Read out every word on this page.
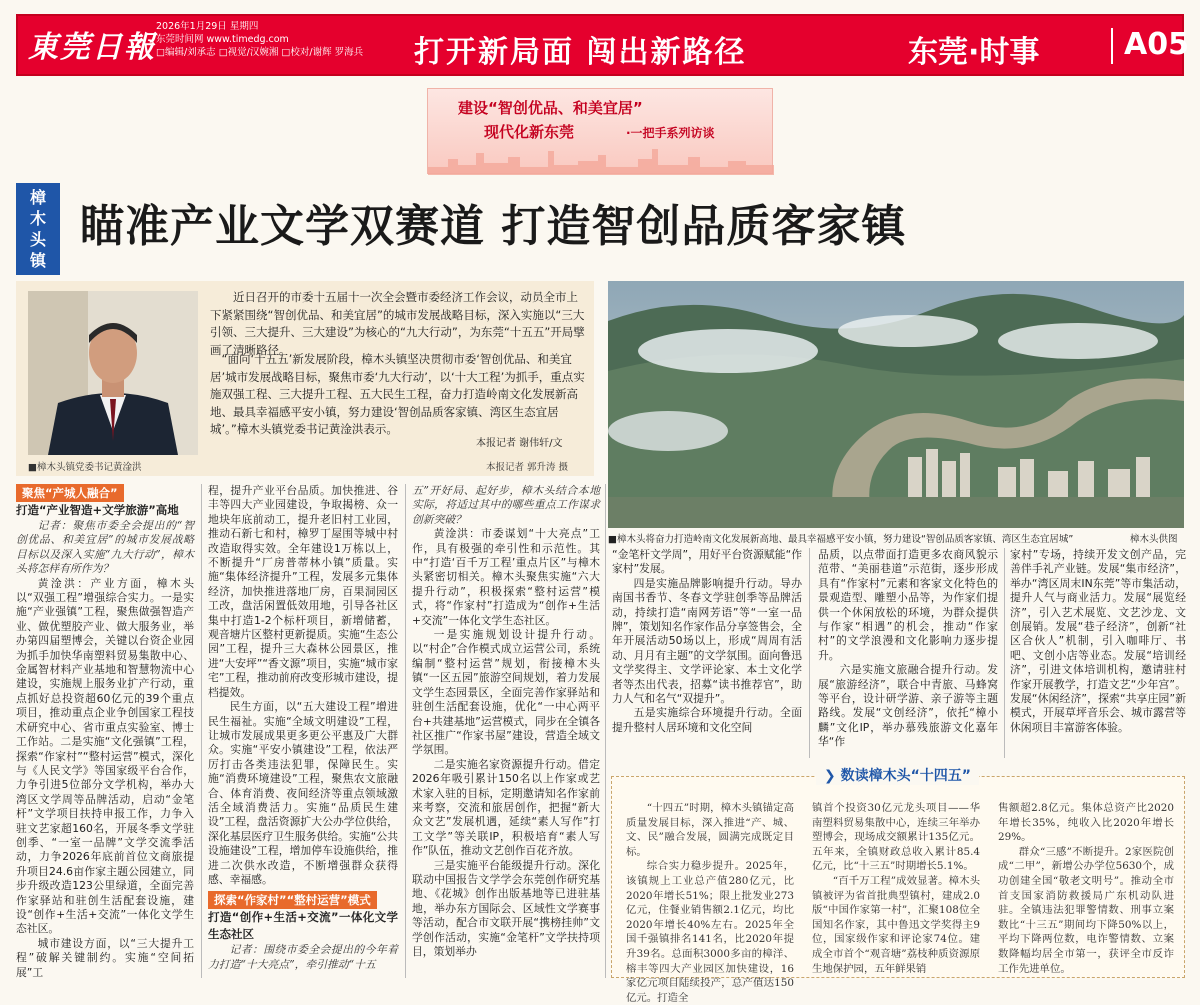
東莞日報
2026年1月29日 星期四
东莞时间网 www.timedg.com
□编辑/刘承志 □视觉/汉婉湘 □校对/谢辉 罗海兵 打开新局面 闯出新路径	东莞·时事	A05
建设“智创优品、和美宜居”
现代化新东莞	·一把手系列访谈
樟
木
头
镇
瞄准产业文学双赛道 打造智创品质客家镇

近日召开的市委十五届十一次全会暨市委经济工作会议，动员全市上下紧紧围绕“智创优品、和美宜居”的城市发展战略目标，深入实施以“三大引领、三大提升、三大建设”为核心的“九大行动”，为东莞“十五五”开局擘画了清晰路径。

“面向‘十五五’新发展阶段，樟木头镇坚决贯彻市委‘智创优品、和美宜居’城市发展战略目标，聚焦市委‘九大行动’，以‘十大工程’为抓手，重点实施双强工程、三大提升工程、五大民生工程，奋力打造岭南文化发展新高地、最具幸福感平安小镇，努力建设‘智创品质客家镇、湾区生态宜居城’。”樟木头镇党委书记黄淦洪表示。

本报记者 谢伟轩/文
■樟木头镇党委书记黄淦洪	本报记者 郭升涛 摄
■樟木头将奋力打造岭南文化发展新高地、最具幸福感平安小镇，努力建设“智创品质客家镇、湾区生态宜居城”	樟木头供图
聚焦“产城人融合”
打造“产业智造+文学旅游”高地

记者：聚焦市委全会提出的“智创优品、和美宜居”的城市发展战略目标以及深入实施“九大行动”，樟木头将怎样有所作为？

黄淦洪：产业方面，樟木头以“双强工程”增强综合实力。一是实施“产业强镇”工程，聚焦做强智造产业、做优塑胶产业、做大服务业，举办第四届塑博会，关键以台资企业园为抓手加快华南塑料贸易集散中心、金属智材料产业基地和智慧物流中心建设，实施规上服务业扩产行动，重点抓好总投资超60亿元的39个重点项目，推动重点企业争创国家工程技术研究中心、省市重点实验室、博士工作站。二是实施“文化强镇”工程，探索“作家村”“整村运营”模式，深化与《人民文学》等国家级平台合作，力争引进5位部分文学机构，举办大湾区文学周等品牌活动，启动“金笔杆”文学项目扶持申报工作，力争入驻文艺家超160名，开展冬季文学驻创季、“一室一品牌”文学交流季活动，力争2026年底前首位文商旅提升项目24.6亩作家主题公园建立，同步升级改造123公里绿道，全面完善作家驿站和驻创生活配套设施，建设“创作+生活+交流”一体化文学生态社区。

城市建设方面，以“三大提升工程”破解关键制约。实施“空间拓展”工

程，提升产业平台品质。加快推进、谷丰等四大产业园建设，争取揭榜、众一地块年底前动工，提升老旧村工业园，推动石新七和村，樟罗丁屋围等城中村改造取得实效。全年建设1万栋以上，不断提升“厂房普蒂林小镇”质量。实施“集体经济提升”工程，发展多元集体经济，加快推进落地厂房，百果洞园区工改，盘活闲置低效用地，引导各社区集中打造1-2个标杆项目，新增储蓄，观音塘片区整村更新提质。实施“生态公园”工程，提升三大森林公园景区，推进“大安坪”“香文源”项目，实施“城市家宅”工程，推动前府改变形城市建设，提档提效。

民生方面，以“五大建设工程”增进民生福祉。实施“全域文明建设”工程，让城市发展成果更多更公平惠及广大群众。实施“平安小镇建设”工程，依法严厉打击各类违法犯罪，保障民生。实施“消费环境建设”工程，聚焦农文旅融合、体育消费、夜间经济等重点领域激活全域消费活力。实施“品质民生建设”工程，盘活资源扩大公办学位供给，深化基层医疗卫生服务供给。实施“公共设施建设”工程，增加停车设施供给，推进二次供水改造，不断增强群众获得感、幸福感。

探索“作家村”“整村运营”模式
打造“创作+生活+交流”一体化文学生态社区

记者：围绕市委全会提出的今年着力打造“十大亮点”，牵引推动“十五

五”开好局、起好步，樟木头结合本地实际，将适过其中的哪些重点工作谋求创新突破？

黄淦洪：市委谋划“十大亮点”工作，具有极强的牵引性和示范性。其中“打造‘百千万工程’重点片区”与樟木头紧密切相关。樟木头聚焦实施“六大提升行动”，积极探索“整村运营”模式，将“作家村”打造成为“创作+生活+交流”一体化文学生态社区。

一是实施规划设计提升行动。以“村企”合作模式成立运营公司，系统编制“整村运营”规划，衔接樟木头镇“一区五园”旅游空间规划，着力发展文学生态园景区，全面完善作家驿站和驻创生活配套设施，优化“一中心两平台+共建基地”运营模式，同步在全镇各社区推广“作家书屋”建设，营造全域文学氛围。

二是实施名家资源提升行动。借定2026年吸引累计150名以上作家或艺术家入驻的目标，定期邀请知名作家前来考察，交流和旅居创作，把握“新大众文艺”发展机遇，延续“素人写作”打工文学”等关联IP，积极培育“素人写作”队伍，推动文艺创作百花齐放。

三是实施平台能级提升行动。深化联动中国报告文学学会东莞创作研究基地、《花城》创作出版基地等已进驻基地，举办东方国际会、区域性文学赛事等活动，配合市文联开展“携榜挂帅”文学创作活动，实施“金笔杆”文学扶持项目，策划举办

“金笔杆文学周”，用好平台资源赋能“作家村”发展。

四是实施品牌影响提升行动。导办南国书香节、冬春文学驻创季等品牌活动，持续打造“南网芳语”等“一室一品牌”，策划知名作家作品分享签售会，全年开展活动50场以上，形成“周周有活动、月月有主题”的文学氛围。面向鲁迅文学奖得主、文学评论家、本土文化学者等杰出代表，招募“读书推荐官”，助力人气和名气“双提升”。

五是实施综合环境提升行动。全面提升整村人居环境和文化空间

品质，以点带面打造更多农商风貌示范带、“美丽巷道”示范街，逐步形成具有“作家村”元素和客家文化特色的景观造型、雕塑小品等，为作家们提供一个休闲放松的环境，为群众提供与作家“相遇”的机会，推动“作家村”的文学浪漫和文化影响力逐步提升。

六是实施文旅融合提升行动。发展“旅游经济”，联合中青旅、马蜂窝等平台，设计研学游、亲子游等主题路线。发展“文创经济”，依托“樟小麟”文化IP，举办慕残旅游文化嘉年华“作

家村”专场，持续开发文创产品，完善伴手礼产业链。发展“集市经济”，举办“湾区周末IN东莞”等市集活动，提升人气与商业活力。发展“展览经济”，引入艺术展览、文艺沙龙、文创展销。发展“巷子经济”，创新“社区合伙人”机制，引入咖啡厅、书吧、文创小店等业态。发展“培训经济”，引进文体培训机构，邀请驻村作家开展教学，打造文艺“少年宫”。发展“休闲经济”，探索“共享庄园”新模式，开展草坪音乐会、城市露营等休闲项目丰富游客体验。

❯ 数读樟木头“十四五”

“十四五”时期，樟木头镇锚定高质量发展目标，深入推进“产、城、文、民”融合发展，圆满完成既定目标。

综合实力稳步提升。2025年，该镇规上工业总产值280亿元，比2020年增长51%；限上批发业273亿元，住餐业销售额2.1亿元，均比2020年增长40%左右。2025年全国千强镇排名141名，比2020年提升39名。总面积3000多亩的樟洋、榕丰等四大产业园区加快建设，16家亿元项目陆续投产，总产值达150亿元。打造全

镇首个投资30亿元龙头项目——华南塑料贸易集散中心，连续三年举办塑博会，现场成交额累计135亿元。五年来，全镇财政总收入累计85.4亿元，比“十三五”时期增长5.1%。

“百千万工程”成效显著。樟木头镇被评为省首批典型镇村，建成2.0版“中国作家第一村”，汇聚108位全国知名作家，其中鲁迅文学奖得主9位，国家级作家和评论家74位。建成全市首个“观音塘”荔枝种质资源原生地保护园，五年鲜果销

售额超2.8亿元。集体总资产比2020年增长35%，纯收入比2020年增长29%。

群众“三感”不断提升。2家医院创成“二甲”，新增公办学位5630个，成功创建全国“敬老文明号”。推动全市首支国家消防救援局广东机动队进驻。全镇违法犯罪警情数、刑事立案数比“十三五”期间均下降50%以上，平均下降两位数，电诈警情数、立案数降幅均居全市第一，获评全市反诈工作先进单位。
